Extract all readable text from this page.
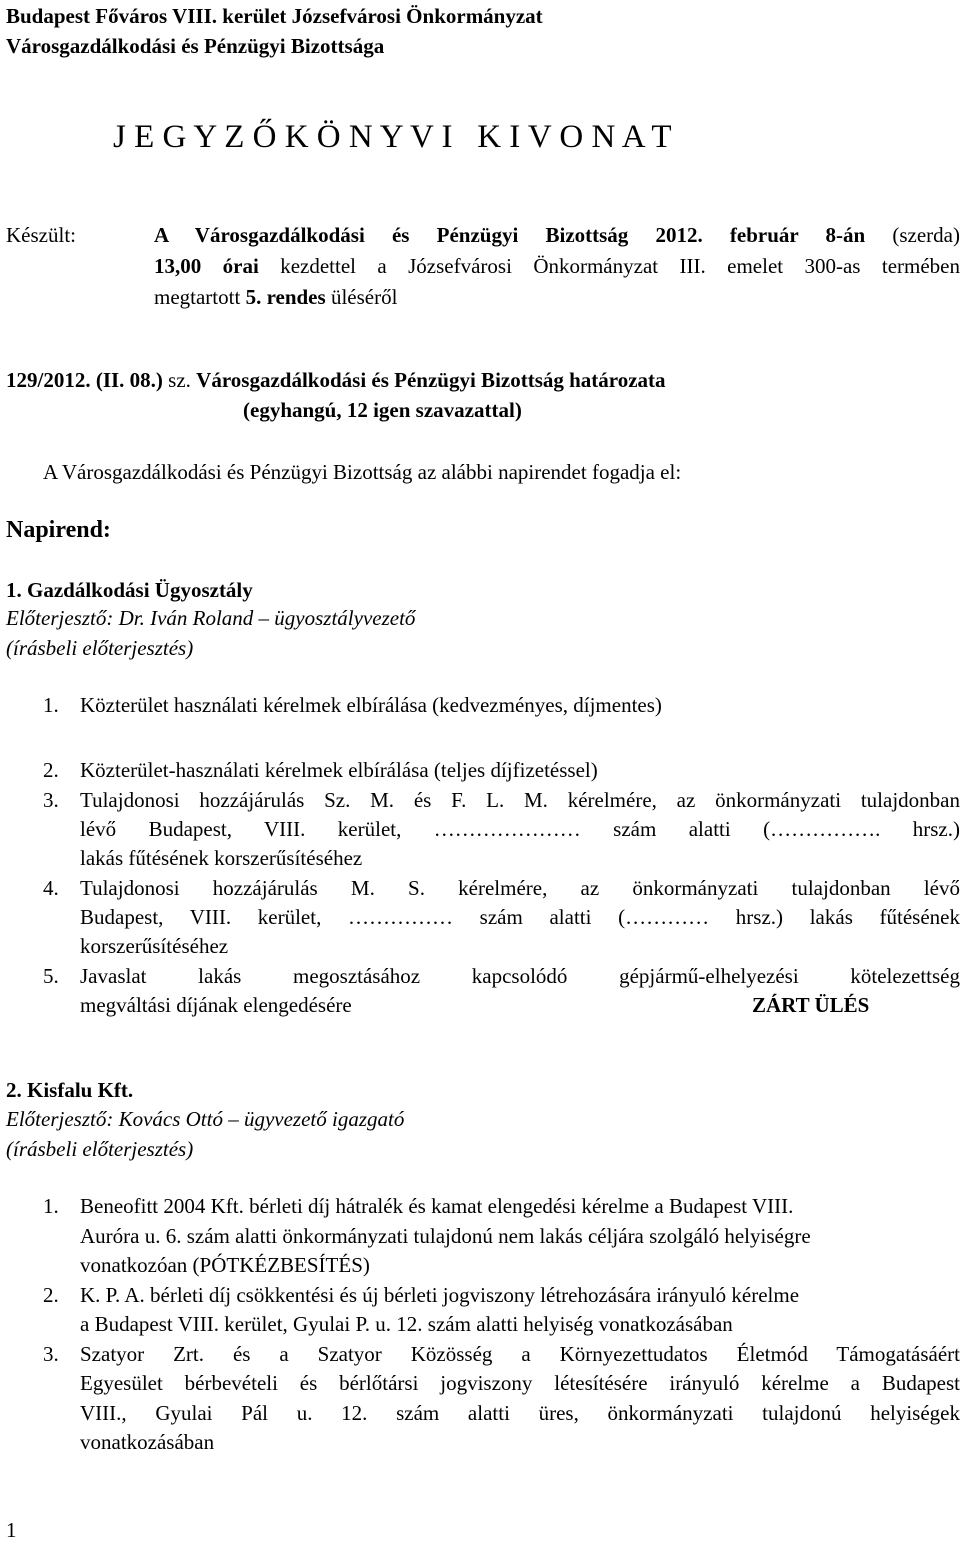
Budapest Főváros VIII. kerület Józsefvárosi Önkormányzat
Városgazdálkodási és Pénzügyi Bizottsága
J E G Y Z Ő K Ö N Y V I   K I V O N A T
Készült:	A Városgazdálkodási és Pénzügyi Bizottság 2012. február 8-án (szerda)
13,00 órai kezdettel a Józsefvárosi Önkormányzat III. emelet 300-as termében
megtartott 5. rendes üléséről
129/2012. (II. 08.) sz. Városgazdálkodási és Pénzügyi Bizottság határozata
(egyhangú, 12 igen szavazattal)
A Városgazdálkodási és Pénzügyi Bizottság az alábbi napirendet fogadja el:
Napirend:
1. Gazdálkodási Ügyosztály
Előterjesztő: Dr. Iván Roland – ügyosztályvezető
(írásbeli előterjesztés)
1. Közterület használati kérelmek elbírálása (kedvezményes, díjmentes)
2. Közterület-használati kérelmek elbírálása (teljes díjfizetéssel)
3. Tulajdonosi hozzájárulás Sz. M. és F. L. M. kérelmére, az önkormányzati tulajdonban
lévő Budapest, VIII. kerület, ………………… szám alatti (……………. hrsz.)
lakás fűtésének korszerűsítéséhez
4. Tulajdonosi hozzájárulás M. S. kérelmére, az önkormányzati tulajdonban lévő
Budapest, VIII. kerület, …………… szám alatti (………… hrsz.) lakás fűtésének
korszerűsítéséhez
5. Javaslat lakás megosztásához kapcsolódó gépjármű-elhelyezési kötelezettség
megváltási díjának elengedésére	ZÁRT ÜLÉS
2. Kisfalu Kft.
Előterjesztő: Kovács Ottó – ügyvezető igazgató
(írásbeli előterjesztés)
1. Beneofitt 2004 Kft. bérleti díj hátralék és kamat elengedési kérelme a Budapest VIII.
Auróra u. 6. szám alatti önkormányzati tulajdonú nem lakás céljára szolgáló helyiségre
vonatkozóan (PÓTKÉZBESÍTÉS)
2. K. P. A. bérleti díj csökkentési és új bérleti jogviszony létrehozására irányuló kérelme
a Budapest VIII. kerület, Gyulai P. u. 12. szám alatti helyiség vonatkozásában
3. Szatyor Zrt. és a Szatyor Közösség a Környezettudatos Életmód Támogatásáért
Egyesület bérbevételi és bérlőtársi jogviszony létesítésére irányuló kérelme a Budapest
VIII., Gyulai Pál u. 12. szám alatti üres, önkormányzati tulajdonú helyiségek
vonatkozásában
1
